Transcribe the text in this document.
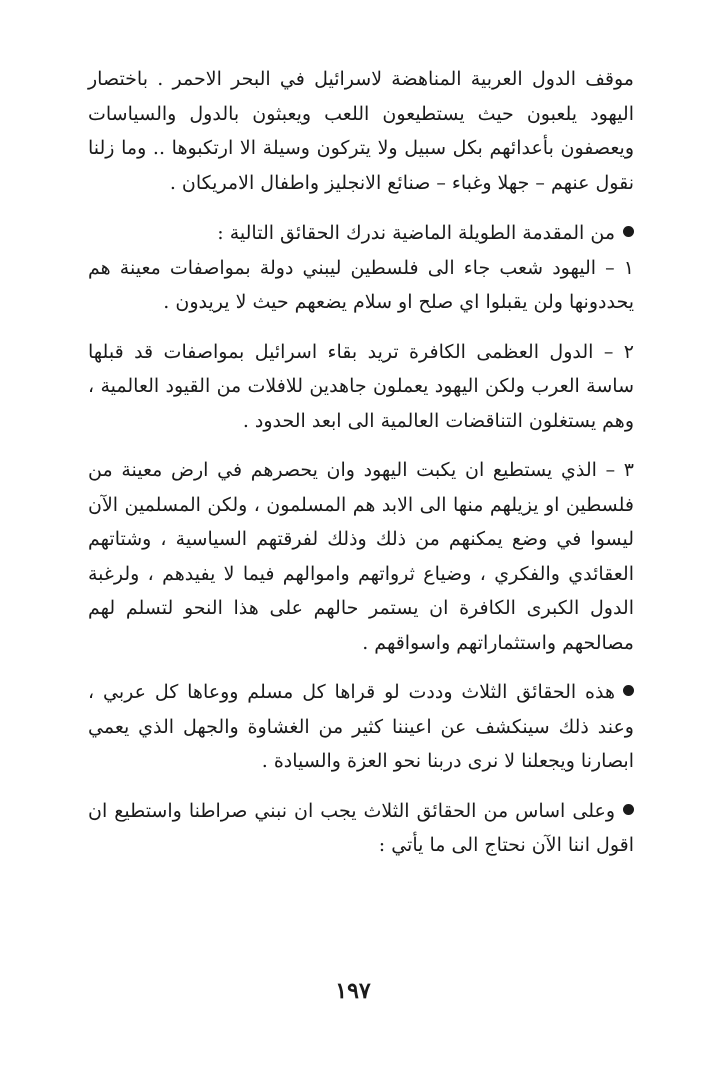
موقف الدول العربية المناهضة لاسرائيل في البحر الاحمر . باختصار اليهود يلعبون حيث يستطيعون اللعب ويعبثون بالدول والسياسات ويعصفون بأعدائهم بكل سبيل ولا يتركون وسيلة الا ارتكبوها .. وما زلنا نقول عنهم – جهلا وغباء – صنائع الانجليز واطفال الامريكان .

من المقدمة الطويلة الماضية ندرك الحقائق التالية :
١ – اليهود شعب جاء الى فلسطين ليبني دولة بمواصفات معينة هم يحددونها ولن يقبلوا اي صلح او سلام يضعهم حيث لا يريدون .

٢ – الدول العظمى الكافرة تريد بقاء اسرائيل بمواصفات قد قبلها ساسة العرب ولكن اليهود يعملون جاهدين للافلات من القيود العالمية ، وهم يستغلون التناقضات العالمية الى ابعد الحدود .

٣ – الذي يستطيع ان يكبت اليهود وان يحصرهم في ارض معينة من فلسطين او يزيلهم منها الى الابد هم المسلمون ، ولكن المسلمين الآن ليسوا في وضع يمكنهم من ذلك وذلك لفرقتهم السياسية ، وشتاتهم العقائدي والفكري ، وضياع ثرواتهم واموالهم فيما لا يفيدهم ، ولرغبة الدول الكبرى الكافرة ان يستمر حالهم على هذا النحو لتسلم لهم مصالحهم واستثماراتهم واسواقهم .

هذه الحقائق الثلاث وددت لو قراها كل مسلم ووعاها كل عربي ، وعند ذلك سينكشف عن اعيننا كثير من الغشاوة والجهل الذي يعمي ابصارنا ويجعلنا لا نرى دربنا نحو العزة والسيادة .

وعلى اساس من الحقائق الثلاث يجب ان نبني صراطنا واستطيع ان اقول اننا الآن نحتاج الى ما يأتي :

١٩٧
